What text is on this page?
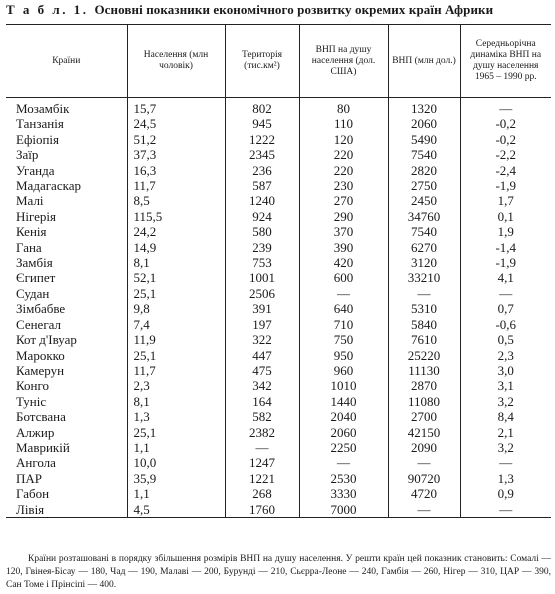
Т а б л. 1. Основні показники економічного розвитку окремих країн Африки
Країни	Населення (млн чоловік)	Територія (тис.км²)	ВНП на душу населення (дол. США)	ВНП (млн дол.)	Середньорічна динаміка ВНП на душу населення 1965 – 1990 рр.
Мозамбік	15,7	802	80	1320	—
Танзанія	24,5	945	110	2060	-0,2
Ефіопія	51,2	1222	120	5490	-0,2
Заїр	37,3	2345	220	7540	-2,2
Уганда	16,3	236	220	2820	-2,4
Мадагаскар	11,7	587	230	2750	-1,9
Малі	8,5	1240	270	2450	1,7
Нігерія	115,5	924	290	34760	0,1
Кенія	24,2	580	370	7540	1,9
Гана	14,9	239	390	6270	-1,4
Замбія	8,1	753	420	3120	-1,9
Єгипет	52,1	1001	600	33210	4,1
Судан	25,1	2506	—	—	—
Зімбабве	9,8	391	640	5310	0,7
Сенегал	7,4	197	710	5840	-0,6
Кот д'Івуар	11,9	322	750	7610	0,5
Марокко	25,1	447	950	25220	2,3
Камерун	11,7	475	960	11130	3,0
Конго	2,3	342	1010	2870	3,1
Туніс	8,1	164	1440	11080	3,2
Ботсвана	1,3	582	2040	2700	8,4
Алжир	25,1	2382	2060	42150	2,1
Маврикій	1,1	—	2250	2090	3,2
Ангола	10,0	1247	—	—	—
ПАР	35,9	1221	2530	90720	1,3
Габон	1,1	268	3330	4720	0,9
Лівія	4,5	1760	7000	—	—
Країни розташовані в порядку збільшення розмірів ВНП на душу населення. У решти країн цей показник становить: Сомалі — 120, Гвінея-Бісау — 180, Чад — 190, Малаві — 200, Бурунді — 210, Сьєрра-Леоне — 240, Гамбія — 260, Нігер — 310, ЦАР — 390, Сан Томе і Прінсіпі — 400.
